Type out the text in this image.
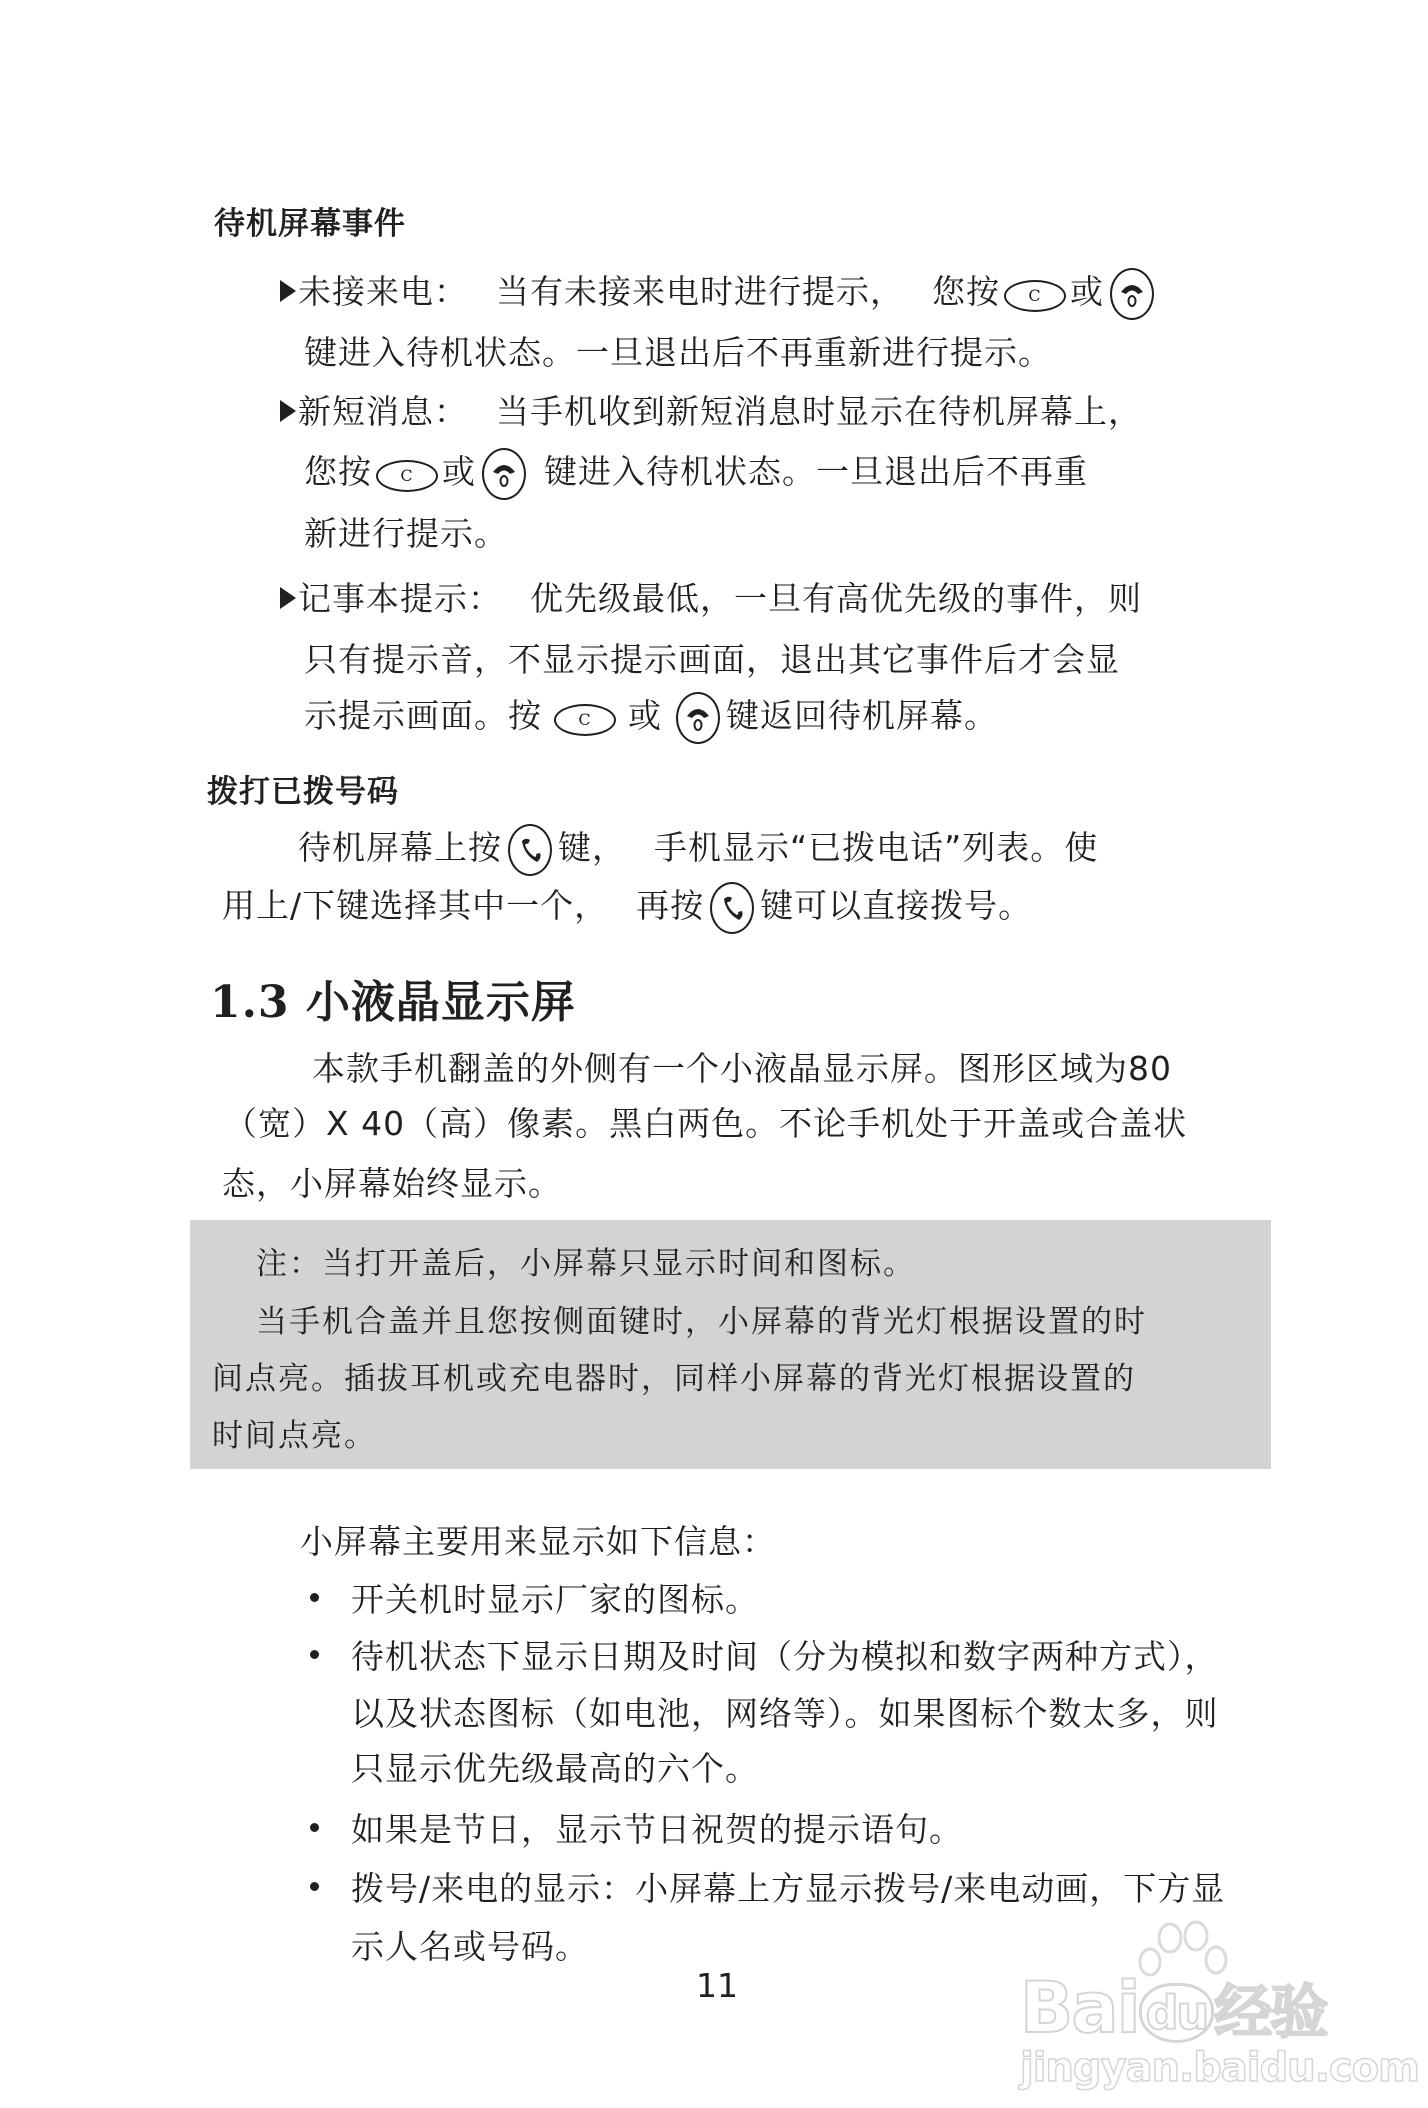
待机屏幕事件
未接来电： 当有未接来电时进行提示， 您按 C 或
键进入待机状态。一旦退出后不再重新进行提示。
新短消息： 当手机收到新短消息时显示在待机屏幕上，
您按 C 或 键进入待机状态。一旦退出后不再重
新进行提示。
记事本提示： 优先级最低，一旦有高优先级的事件，则
只有提示音，不显示提示画面，退出其它事件后才会显
示提示画面。按 C 或 键返回待机屏幕。
拨打已拨号码
待机屏幕上按 键， 手机显示“已拨电话”列表。使
用上/下键选择其中一个， 再按 键可以直接拨号。
1.3 小液晶显示屏
本款手机翻盖的外侧有一个小液晶显示屏。图形区域为80
（宽）X 40（高）像素。黑白两色。不论手机处于开盖或合盖状
态，小屏幕始终显示。
注：当打开盖后，小屏幕只显示时间和图标。
当手机合盖并且您按侧面键时，小屏幕的背光灯根据设置的时
间点亮。插拔耳机或充电器时，同样小屏幕的背光灯根据设置的
时间点亮。
小屏幕主要用来显示如下信息：
开关机时显示厂家的图标。
待机状态下显示日期及时间（分为模拟和数字两种方式），
以及状态图标（如电池，网络等）。如果图标个数太多，则
只显示优先级最高的六个。
如果是节日，显示节日祝贺的提示语句。
拨号/来电的显示：小屏幕上方显示拨号/来电动画，下方显
示人名或号码。
11	Bai du 经验
jingyan.baidu.com
